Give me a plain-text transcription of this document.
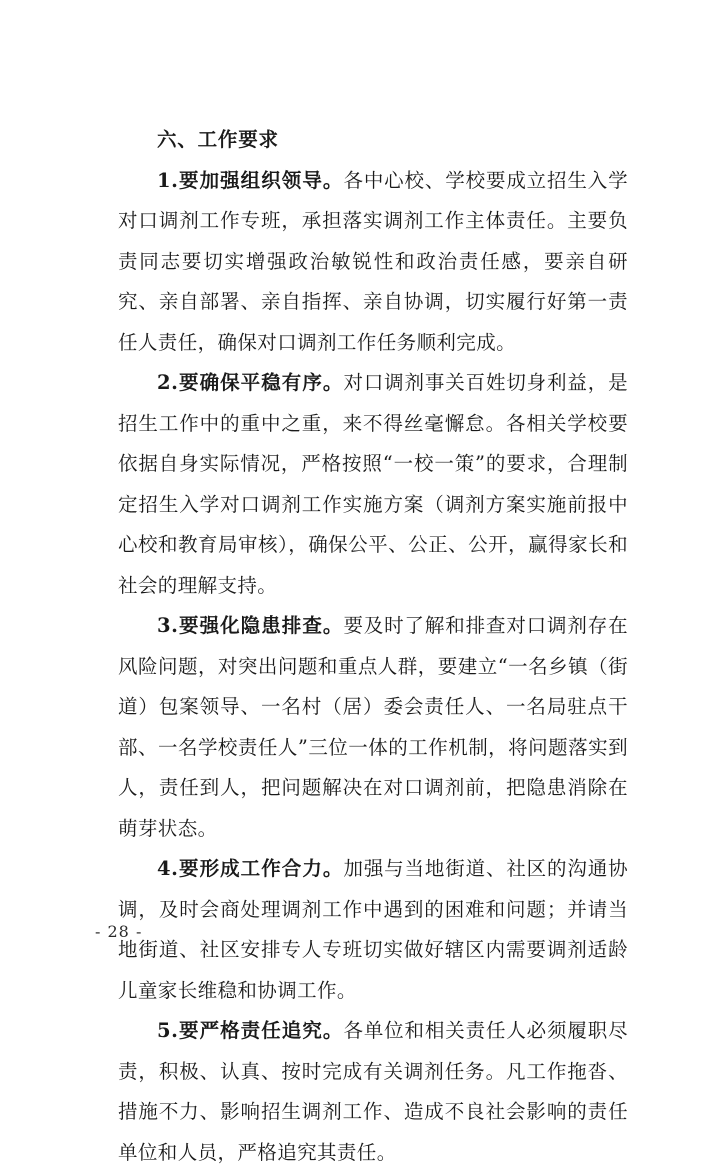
六、工作要求

1.要加强组织领导。各中心校、学校要成立招生入学对口调剂工作专班，承担落实调剂工作主体责任。主要负责同志要切实增强政治敏锐性和政治责任感，要亲自研究、亲自部署、亲自指挥、亲自协调，切实履行好第一责任人责任，确保对口调剂工作任务顺利完成。

2.要确保平稳有序。对口调剂事关百姓切身利益，是招生工作中的重中之重，来不得丝毫懈怠。各相关学校要依据自身实际情况，严格按照“一校一策”的要求，合理制定招生入学对口调剂工作实施方案（调剂方案实施前报中心校和教育局审核），确保公平、公正、公开，赢得家长和社会的理解支持。

3.要强化隐患排查。要及时了解和排查对口调剂存在风险问题，对突出问题和重点人群，要建立“一名乡镇（街道）包案领导、一名村（居）委会责任人、一名局驻点干部、一名学校责任人”三位一体的工作机制，将问题落实到人，责任到人，把问题解决在对口调剂前，把隐患消除在萌芽状态。

4.要形成工作合力。加强与当地街道、社区的沟通协调，及时会商处理调剂工作中遇到的困难和问题；并请当地街道、社区安排专人专班切实做好辖区内需要调剂适龄儿童家长维稳和协调工作。

5.要严格责任追究。各单位和相关责任人必须履职尽责，积极、认真、按时完成有关调剂任务。凡工作拖沓、措施不力、影响招生调剂工作、造成不良社会影响的责任单位和人员，严格追究其责任。

- 28 -
